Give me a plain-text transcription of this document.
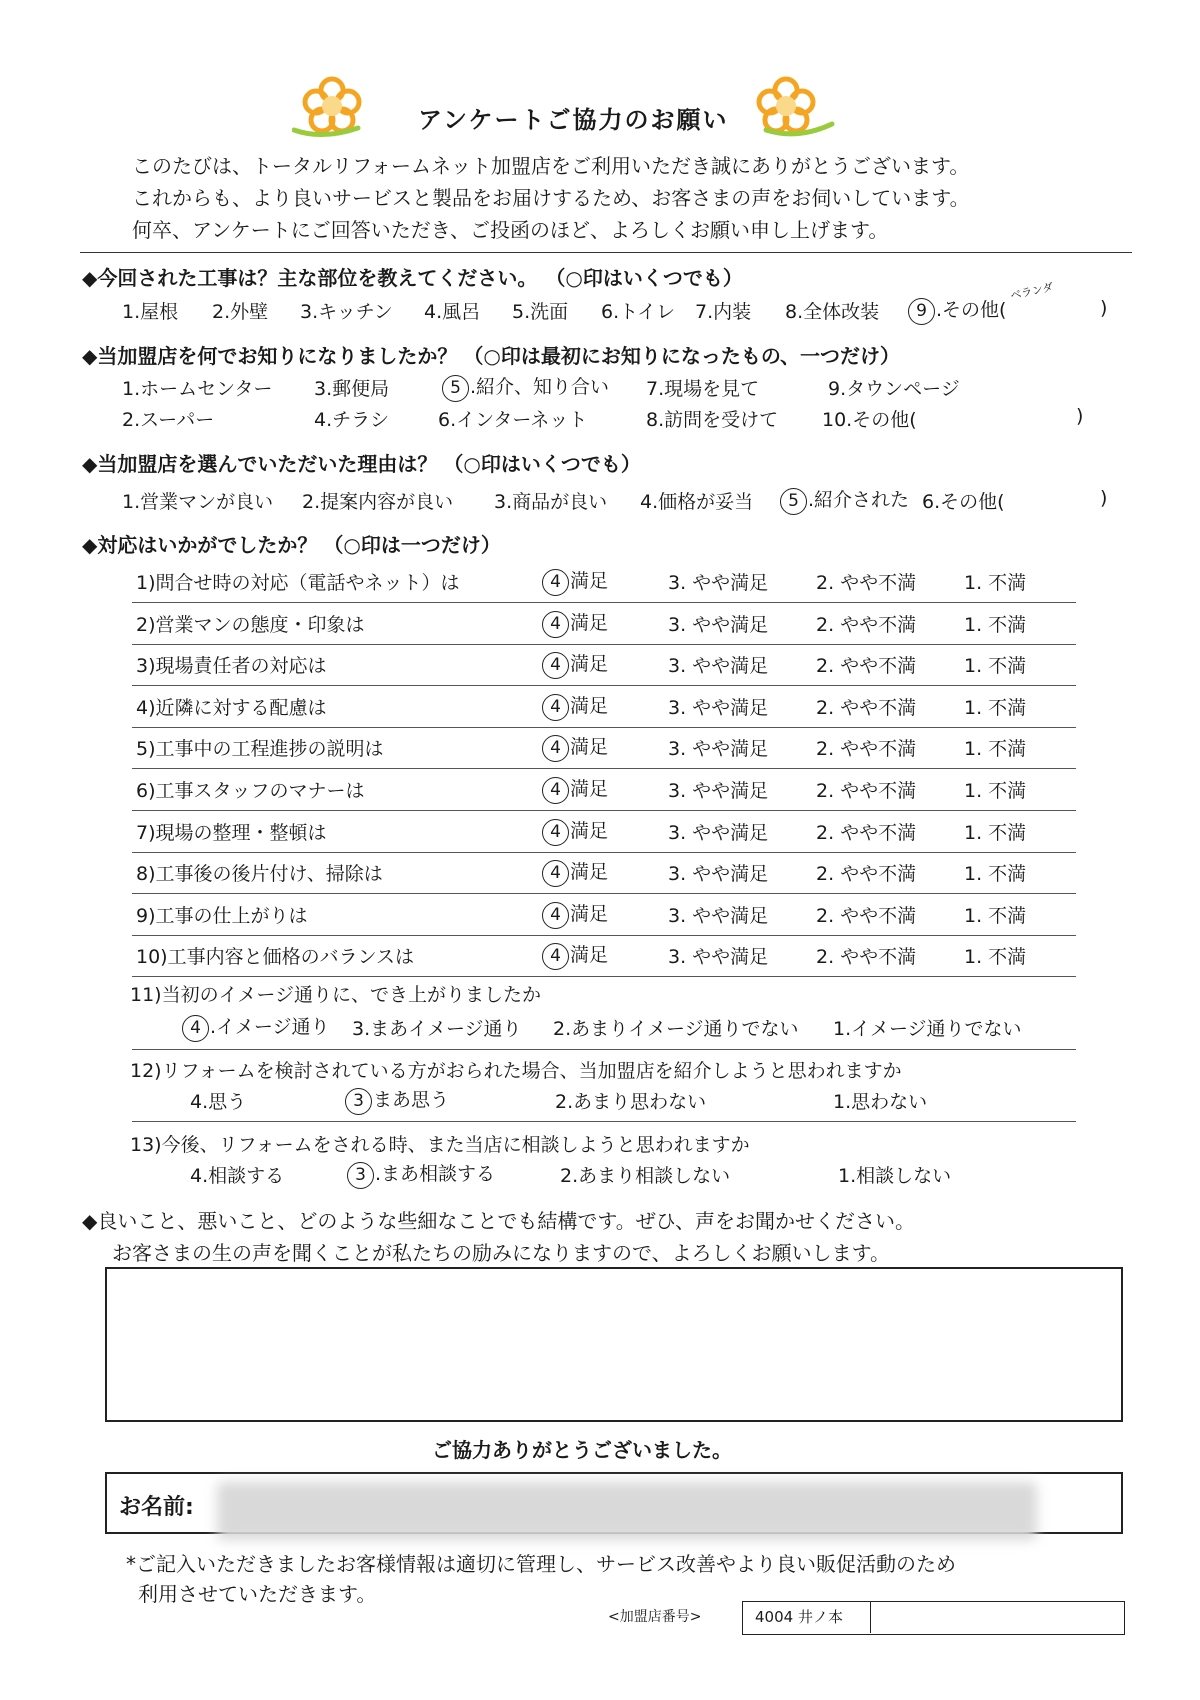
アンケートご協力のお願い
このたびは、トータルリフォームネット加盟店をご利用いただき誠にありがとうございます。
これからも、より良いサービスと製品をお届けするため、お客さまの声をお伺いしています。
何卒、アンケートにご回答いただき、ご投函のほど、よろしくお願い申し上げます。
◆今回された工事は？主な部位を教えてください。 （○印はいくつでも）
1.屋根 2.外壁 3.キッチン 4.風呂 5.洗面 6.トイレ 7.内装 8.全体改装	9 .その他(
ベランダ
)
◆当加盟店を何でお知りになりましたか？ （○印は最初にお知りになったもの、一つだけ）
1.ホームセンター 3.郵便局	5 .紹介、知り合い 7.現場を見て	9.タウンページ
2.スーパー	4.チラシ	6.インターネット	8.訪問を受けて 10.その他(	)
◆当加盟店を選んでいただいた理由は？ （○印はいくつでも）
1.営業マンが良い 2.提案内容が良い 3.商品が良い 4.価格が妥当	5 .紹介された 6.その他(	)
◆対応はいかがでしたか？ （○印は一つだけ）
1)問合せ時の対応（電話やネット）は	4 満足	3. やや満足	2. やや不満	1. 不満
2)営業マンの態度・印象は	4 満足	3. やや満足	2. やや不満	1. 不満
3)現場責任者の対応は	4 満足	3. やや満足	2. やや不満	1. 不満
4)近隣に対する配慮は	4 満足	3. やや満足	2. やや不満	1. 不満
5)工事中の工程進捗の説明は	4 満足	3. やや満足	2. やや不満	1. 不満
6)工事スタッフのマナーは	4 満足	3. やや満足	2. やや不満	1. 不満
7)現場の整理・整頓は	4 満足	3. やや満足	2. やや不満	1. 不満
8)工事後の後片付け、掃除は	4 満足	3. やや満足	2. やや不満	1. 不満
9)工事の仕上がりは	4 満足	3. やや満足	2. やや不満	1. 不満
10)工事内容と価格のバランスは	4 満足	3. やや満足	2. やや不満	1. 不満
11)当初のイメージ通りに、でき上がりましたか
4 .イメージ通り 3.まあイメージ通り 2.あまりイメージ通りでない 1.イメージ通りでない
12)リフォームを検討されている方がおられた場合、当加盟店を紹介しようと思われますか
4.思う	3 まあ思う	2.あまり思わない	1.思わない
13)今後、リフォームをされる時、また当店に相談しようと思われますか
4.相談する	3 .まあ相談する	2.あまり相談しない	1.相談しない
◆良いこと、悪いこと、どのような些細なことでも結構です。ぜひ、声をお聞かせください。
お客さまの生の声を聞くことが私たちの励みになりますので、よろしくお願いします。
ご協力ありがとうございました。
お名前:
*ご記入いただきましたお客様情報は適切に管理し、サービス改善やより良い販促活動のため
利用させていただきます。
<加盟店番号>	4004 井ノ本
